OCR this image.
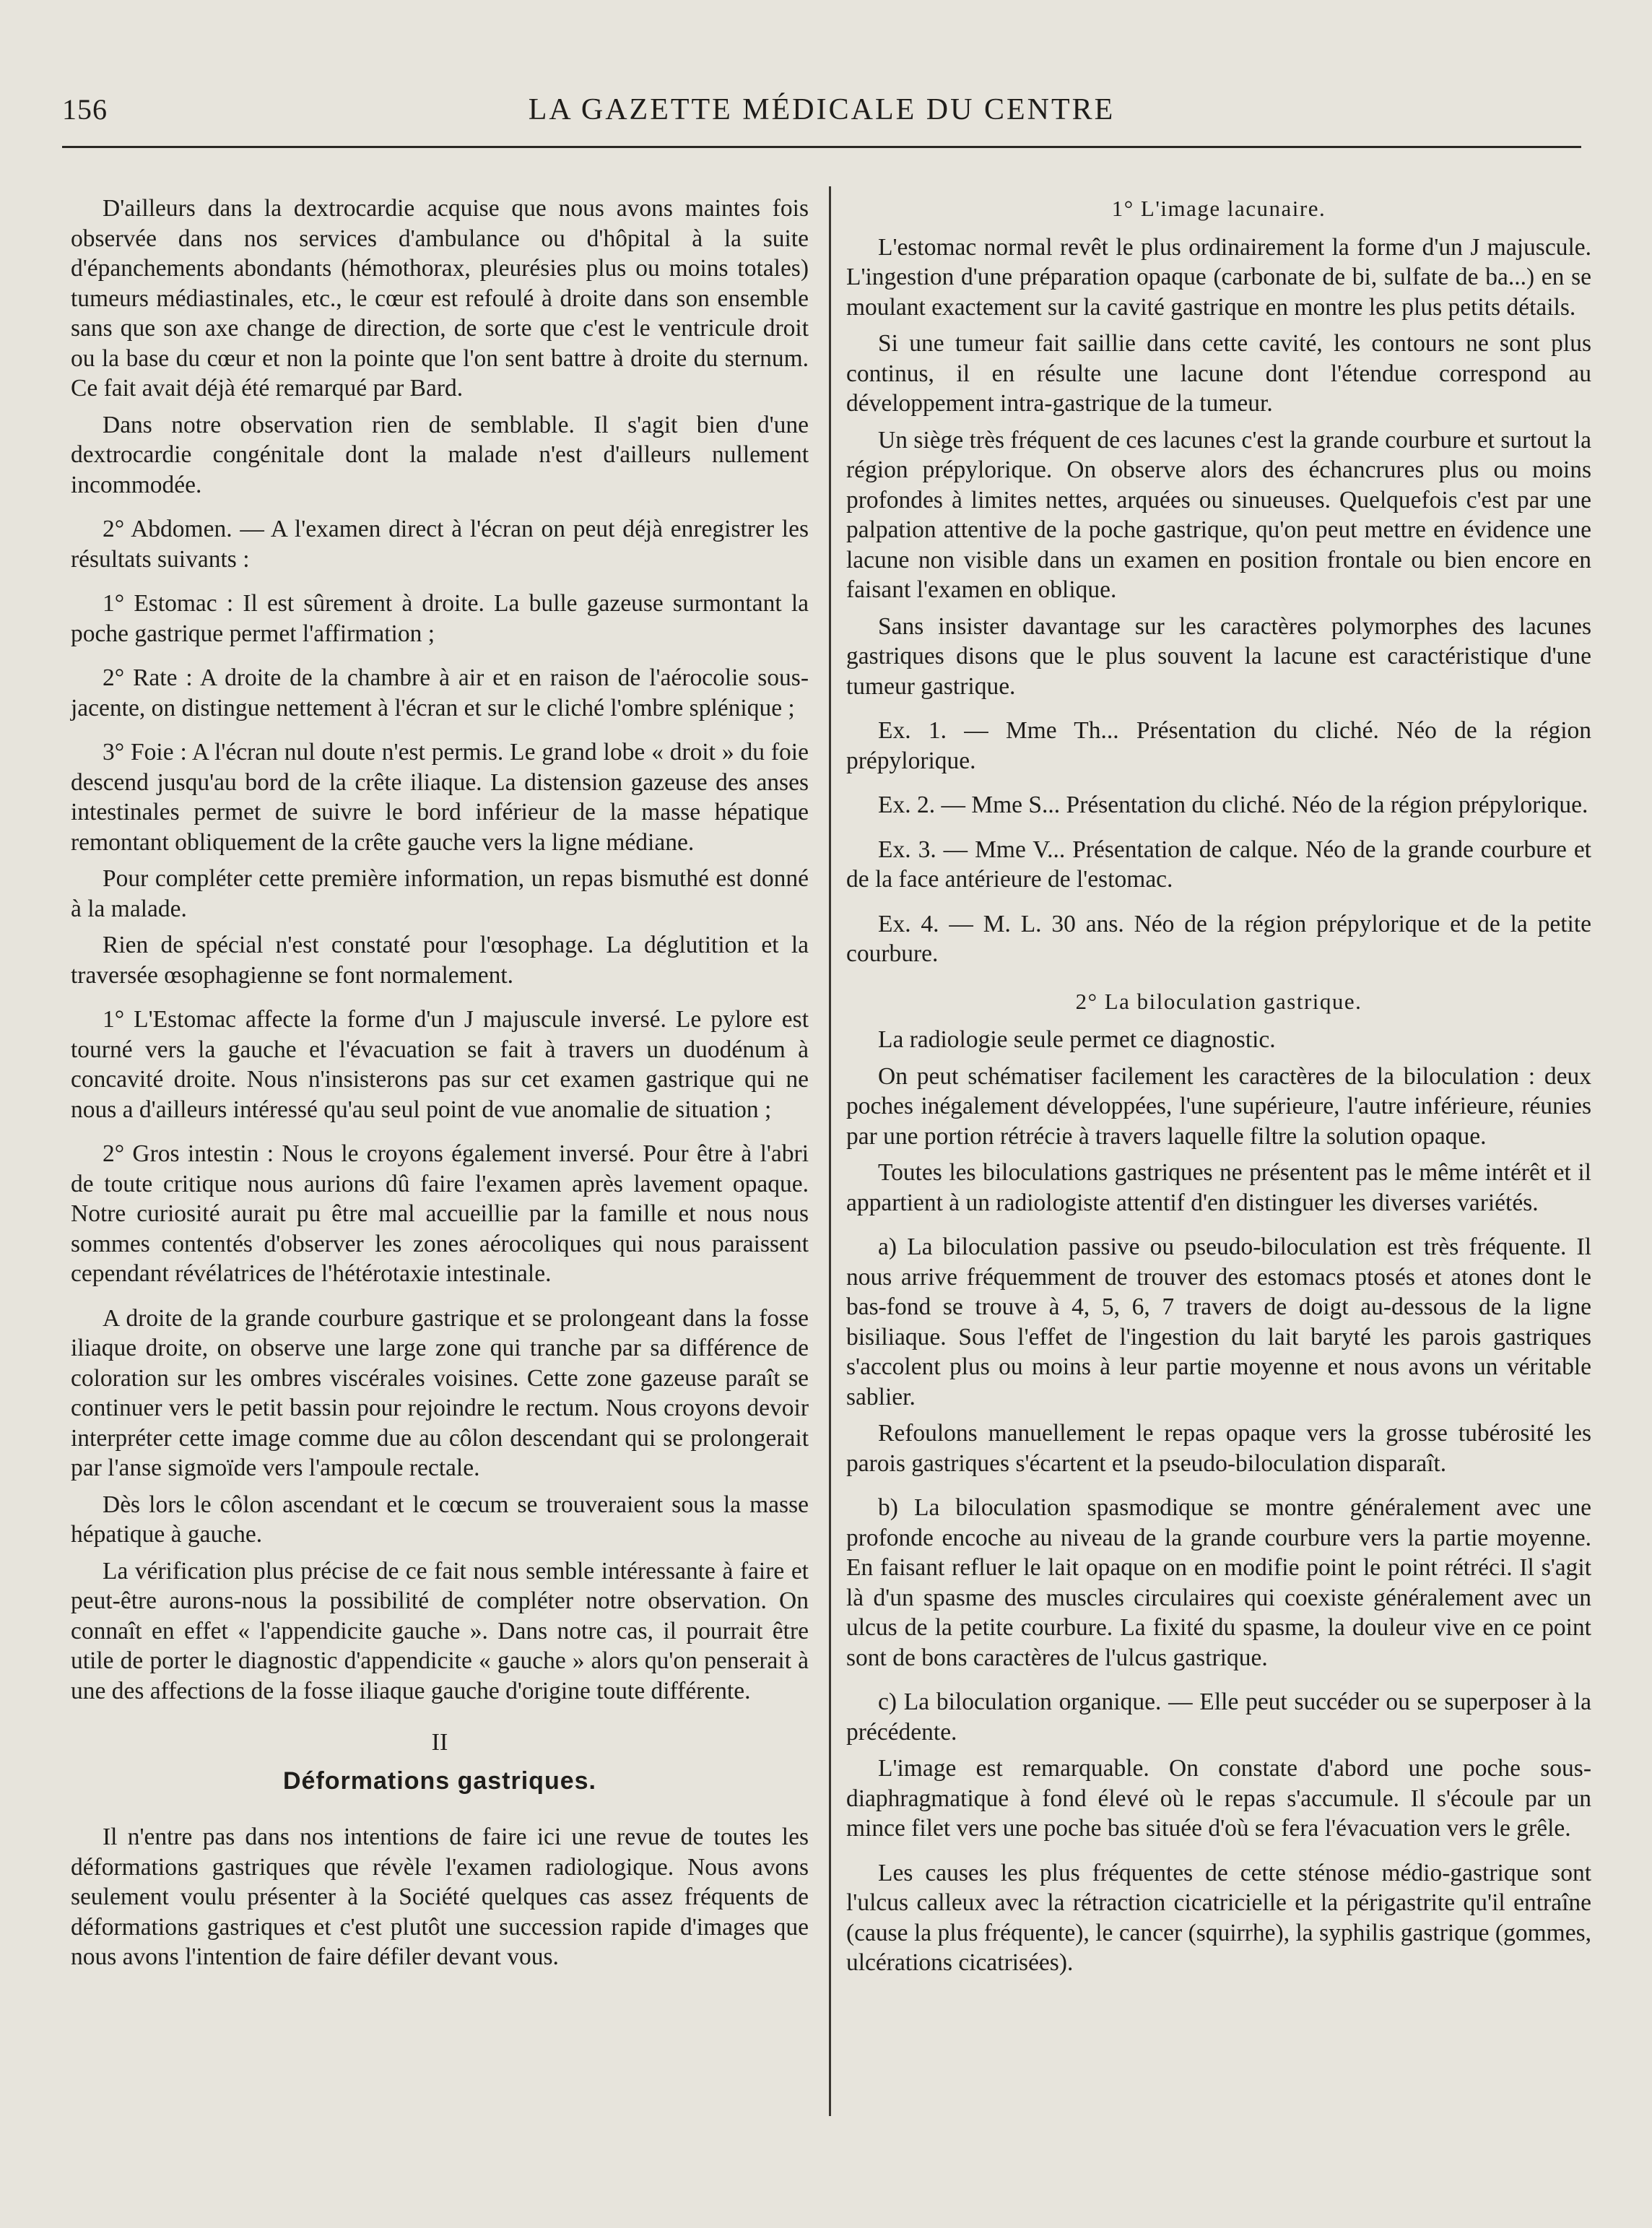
156	LA GAZETTE MÉDICALE DU CENTRE

D'ailleurs dans la dextrocardie acquise que nous avons maintes fois observée dans nos services d'ambulance ou d'hôpital à la suite d'épanchements abondants (hémothorax, pleurésies plus ou moins totales) tumeurs médiastinales, etc., le cœur est refoulé à droite dans son ensemble sans que son axe change de direction, de sorte que c'est le ventricule droit ou la base du cœur et non la pointe que l'on sent battre à droite du sternum. Ce fait avait déjà été remarqué par Bard.

Dans notre observation rien de semblable. Il s'agit bien d'une dextrocardie congénitale dont la malade n'est d'ailleurs nullement incommodée.

2° Abdomen. — A l'examen direct à l'écran on peut déjà enregistrer les résultats suivants :

1° Estomac : Il est sûrement à droite. La bulle gazeuse surmontant la poche gastrique permet l'affirmation ;

2° Rate : A droite de la chambre à air et en raison de l'aérocolie sous-jacente, on distingue nettement à l'écran et sur le cliché l'ombre splénique ;

3° Foie : A l'écran nul doute n'est permis. Le grand lobe « droit » du foie descend jusqu'au bord de la crête iliaque. La distension gazeuse des anses intestinales permet de suivre le bord inférieur de la masse hépatique remontant obliquement de la crête gauche vers la ligne médiane.

Pour compléter cette première information, un repas bismuthé est donné à la malade.

Rien de spécial n'est constaté pour l'œsophage. La déglutition et la traversée œsophagienne se font normalement.

1° L'Estomac affecte la forme d'un J majuscule inversé. Le pylore est tourné vers la gauche et l'évacuation se fait à travers un duodénum à concavité droite. Nous n'insisterons pas sur cet examen gastrique qui ne nous a d'ailleurs intéressé qu'au seul point de vue anomalie de situation ;

2° Gros intestin : Nous le croyons également inversé. Pour être à l'abri de toute critique nous aurions dû faire l'examen après lavement opaque. Notre curiosité aurait pu être mal accueillie par la famille et nous nous sommes contentés d'observer les zones aérocoliques qui nous paraissent cependant révélatrices de l'hétérotaxie intestinale.

A droite de la grande courbure gastrique et se prolongeant dans la fosse iliaque droite, on observe une large zone qui tranche par sa différence de coloration sur les ombres viscérales voisines. Cette zone gazeuse paraît se continuer vers le petit bassin pour rejoindre le rectum. Nous croyons devoir interpréter cette image comme due au côlon descendant qui se prolongerait par l'anse sigmoïde vers l'ampoule rectale.

Dès lors le côlon ascendant et le cœcum se trouveraient sous la masse hépatique à gauche.

La vérification plus précise de ce fait nous semble intéressante à faire et peut-être aurons-nous la possibilité de compléter notre observation. On connaît en effet « l'appendicite gauche ». Dans notre cas, il pourrait être utile de porter le diagnostic d'appendicite « gauche » alors qu'on penserait à une des affections de la fosse iliaque gauche d'origine toute différente.

II
Déformations gastriques.

Il n'entre pas dans nos intentions de faire ici une revue de toutes les déformations gastriques que révèle l'examen radiologique. Nous avons seulement voulu présenter à la Société quelques cas assez fréquents de déformations gastriques et c'est plutôt une succession rapide d'images que nous avons l'intention de faire défiler devant vous.

1° L'image lacunaire.

L'estomac normal revêt le plus ordinairement la forme d'un J majuscule. L'ingestion d'une préparation opaque (carbonate de bi, sulfate de ba...) en se moulant exactement sur la cavité gastrique en montre les plus petits détails.

Si une tumeur fait saillie dans cette cavité, les contours ne sont plus continus, il en résulte une lacune dont l'étendue correspond au développement intra-gastrique de la tumeur.

Un siège très fréquent de ces lacunes c'est la grande courbure et surtout la région prépylorique. On observe alors des échancrures plus ou moins profondes à limites nettes, arquées ou sinueuses. Quelquefois c'est par une palpation attentive de la poche gastrique, qu'on peut mettre en évidence une lacune non visible dans un examen en position frontale ou bien encore en faisant l'examen en oblique.

Sans insister davantage sur les caractères polymorphes des lacunes gastriques disons que le plus souvent la lacune est caractéristique d'une tumeur gastrique.

Ex. 1. — Mme Th... Présentation du cliché. Néo de la région prépylorique.

Ex. 2. — Mme S... Présentation du cliché. Néo de la région prépylorique.

Ex. 3. — Mme V... Présentation de calque. Néo de la grande courbure et de la face antérieure de l'estomac.

Ex. 4. — M. L. 30 ans. Néo de la région prépylorique et de la petite courbure.

2° La biloculation gastrique.

La radiologie seule permet ce diagnostic.

On peut schématiser facilement les caractères de la biloculation : deux poches inégalement développées, l'une supérieure, l'autre inférieure, réunies par une portion rétrécie à travers laquelle filtre la solution opaque.

Toutes les biloculations gastriques ne présentent pas le même intérêt et il appartient à un radiologiste attentif d'en distinguer les diverses variétés.

a) La biloculation passive ou pseudo-biloculation est très fréquente. Il nous arrive fréquemment de trouver des estomacs ptosés et atones dont le bas-fond se trouve à 4, 5, 6, 7 travers de doigt au-dessous de la ligne bisiliaque. Sous l'effet de l'ingestion du lait baryté les parois gastriques s'accolent plus ou moins à leur partie moyenne et nous avons un véritable sablier.

Refoulons manuellement le repas opaque vers la grosse tubérosité les parois gastriques s'écartent et la pseudo-biloculation disparaît.

b) La biloculation spasmodique se montre généralement avec une profonde encoche au niveau de la grande courbure vers la partie moyenne. En faisant refluer le lait opaque on en modifie point le point rétréci. Il s'agit là d'un spasme des muscles circulaires qui coexiste généralement avec un ulcus de la petite courbure. La fixité du spasme, la douleur vive en ce point sont de bons caractères de l'ulcus gastrique.

c) La biloculation organique. — Elle peut succéder ou se superposer à la précédente.

L'image est remarquable. On constate d'abord une poche sous-diaphragmatique à fond élevé où le repas s'accumule. Il s'écoule par un mince filet vers une poche bas située d'où se fera l'évacuation vers le grêle.

Les causes les plus fréquentes de cette sténose médio-gastrique sont l'ulcus calleux avec la rétraction cicatricielle et la périgastrite qu'il entraîne (cause la plus fréquente), le cancer (squirrhe), la syphilis gastrique (gommes, ulcérations cicatrisées).
